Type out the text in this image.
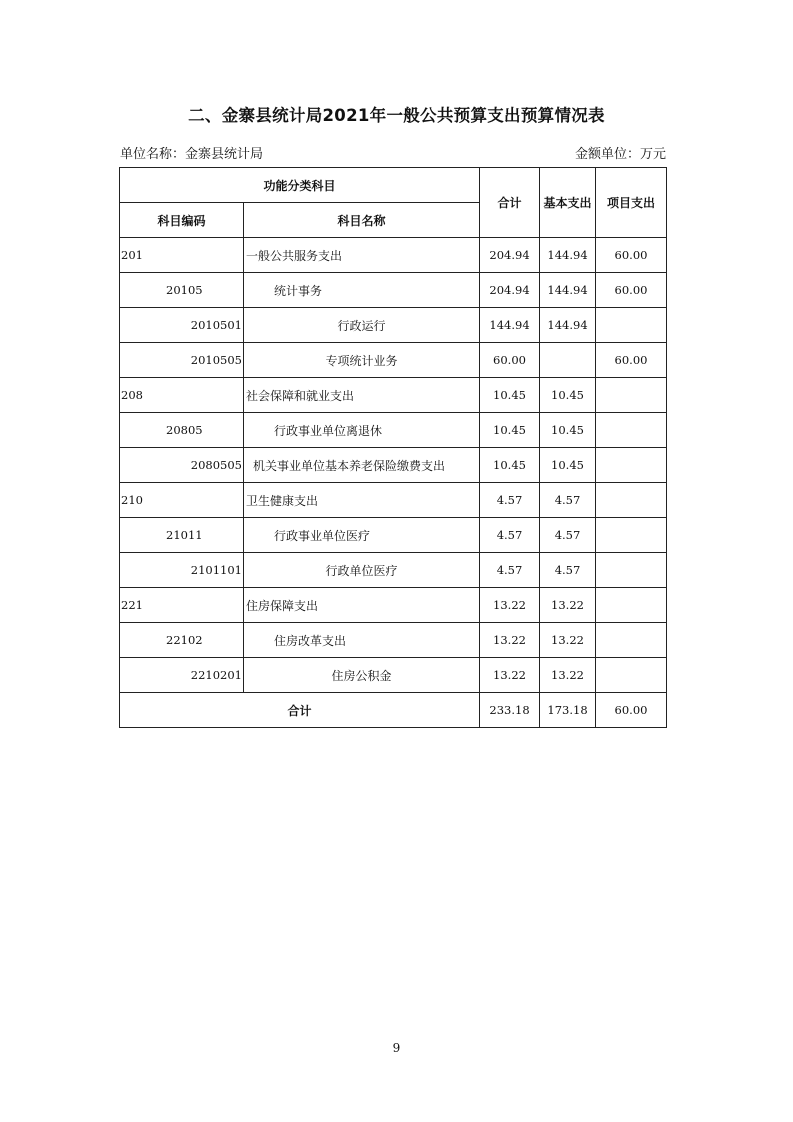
二、金寨县统计局2021年一般公共预算支出预算情况表
单位名称：金寨县统计局	金额单位：万元
功能分类科目		合计	基本支出	项目支出
科目编码	科目名称			
201	一般公共服务支出	204.94	144.94	60.00
20105	统计事务	204.94	144.94	60.00
2010501	行政运行	144.94	144.94	
2010505	专项统计业务	60.00		60.00
208	社会保障和就业支出	10.45	10.45	
20805	行政事业单位离退休	10.45	10.45	
2080505	机关事业单位基本养老保险缴费支出	10.45	10.45	
210	卫生健康支出	4.57	4.57	
21011	行政事业单位医疗	4.57	4.57	
2101101	行政单位医疗	4.57	4.57	
221	住房保障支出	13.22	13.22	
22102	住房改革支出	13.22	13.22	
2210201	住房公积金	13.22	13.22	
合计		233.18	173.18	60.00
9
